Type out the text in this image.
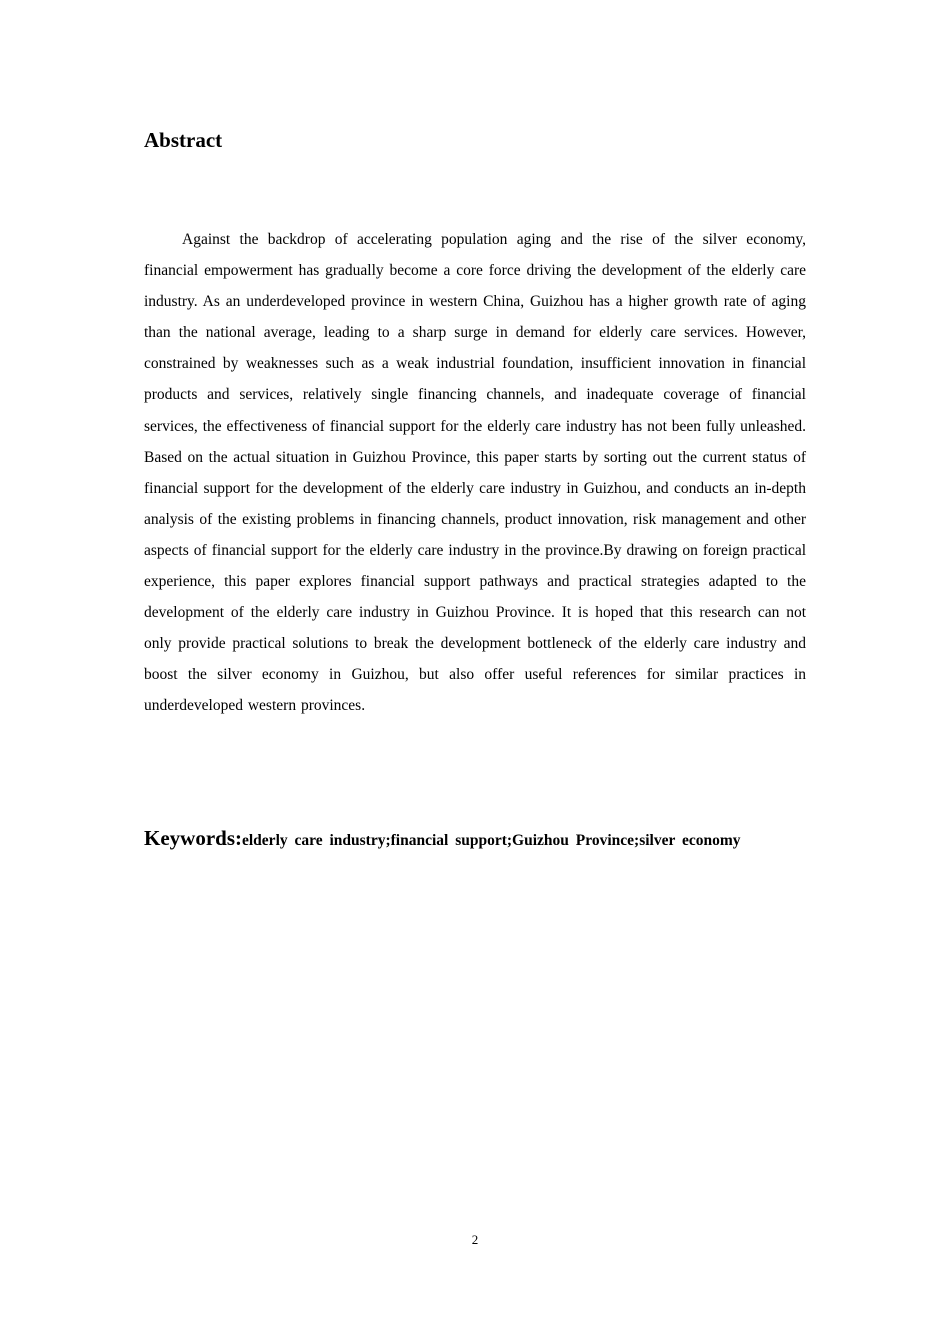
Abstract

Against the backdrop of accelerating population aging and the rise of the silver economy, financial empowerment has gradually become a core force driving the development of the elderly care industry. As an underdeveloped province in western China, Guizhou has a higher growth rate of aging than the national average, leading to a sharp surge in demand for elderly care services. However, constrained by weaknesses such as a weak industrial foundation, insufficient innovation in financial products and services, relatively single financing channels, and inadequate coverage of financial services, the effectiveness of financial support for the elderly care industry has not been fully unleashed. Based on the actual situation in Guizhou Province, this paper starts by sorting out the current status of financial support for the development of the elderly care industry in Guizhou, and conducts an in-depth analysis of the existing problems in financing channels, product innovation, risk management and other aspects of financial support for the elderly care industry in the province.By drawing on foreign practical experience, this paper explores financial support pathways and practical strategies adapted to the development of the elderly care industry in Guizhou Province. It is hoped that this research can not only provide practical solutions to break the development bottleneck of the elderly care industry and boost the silver economy in Guizhou, but also offer useful references for similar practices in underdeveloped western provinces.

Keywords:elderly care industry;financial support;Guizhou Province;silver economy

2
